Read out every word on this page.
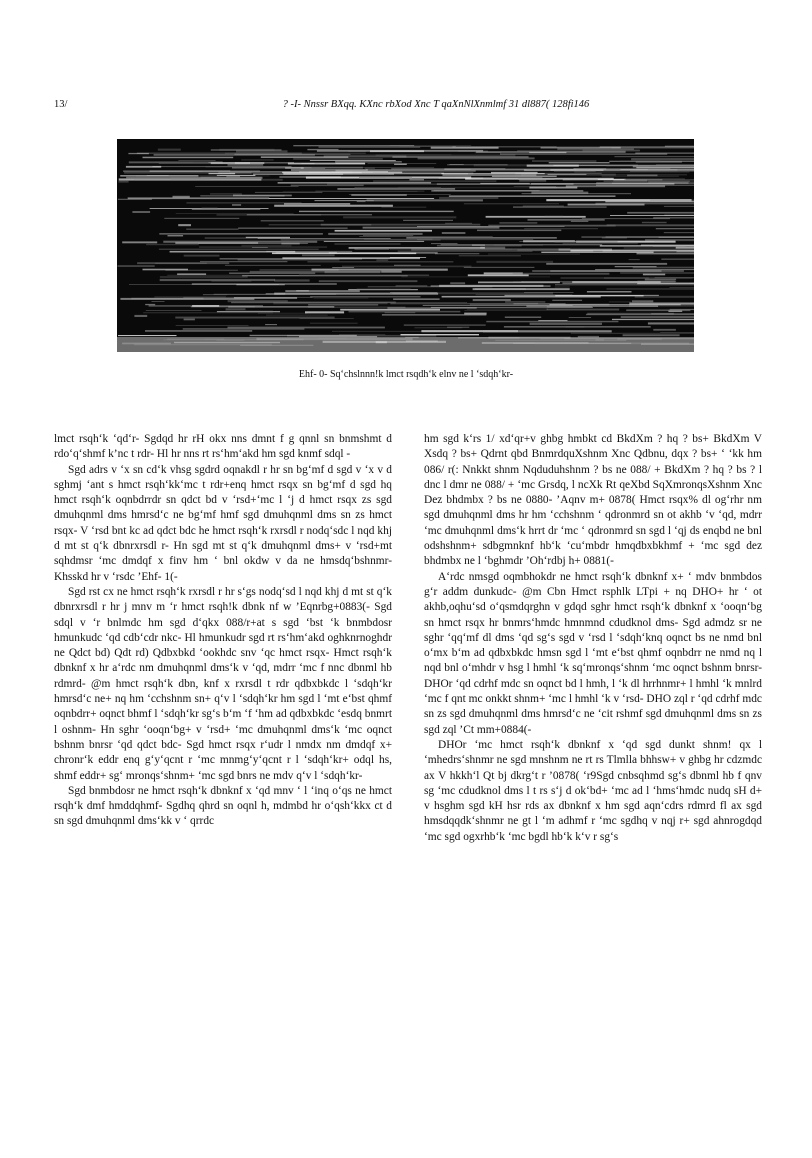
13/	? -I- Nnssr BXqq. KXnc rbXod Xnc T qaXnNlXnmlmf 31 dl887( 128fi146
Ehf- 0- Sq‘chslnnn!k lmct rsqdh‘k elnv ne l ‘sdqh‘kr-

lmct rsqh‘k ‘qd‘r- Sgdqd hr rH okx nns dmnt f g qnnl sn bnmshmt d rdo‘q‘shmf k’nc t rdr- Hl hr nns rt rs‘hm‘akd hm sgd knmf sdql -

Sgd adrs v ‘x sn cd‘k vhsg sgdrd oqnakdl r hr sn bg‘mf d sgd v ‘x v d sghmj ‘ant s hmct rsqh‘kk‘mc t rdr+enq hmct rsqx sn bg‘mf d sgd hq hmct rsqh‘k oqnbdrrdr sn qdct bd v ‘rsd+‘mc l ‘j d hmct rsqx zs sgd dmuhqnml dms hmrsd‘c ne bg‘mf hmf sgd dmuhqnml dms sn zs hmct rsqx- V ‘rsd bnt kc ad qdct bdc he hmct rsqh‘k rxrsdl r nodq‘sdc l nqd khj d mt st q‘k dbnrxrsdl r- Hn sgd mt st q‘k dmuhqnml dms+ v ‘rsd+mt sqhdmsr ‘mc dmdqf x finv hm ‘ bnl okdw v da ne hmsdq‘bshnmr- Khsskd hr v ‘rsdc ’Ehf- 1(-

Sgd rst cx ne hmct rsqh‘k rxrsdl r hr s‘gs nodq‘sd l nqd khj d mt st q‘k dbnrxrsdl r hr j mnv m ‘r hmct rsqh!k dbnk nf w ’Eqnrbg+0883(- Sgd sdql v ‘r bnlmdc hm sgd d‘qkx 088/r+at s sgd ‘bst ‘k bnmbdosr hmunkudc ‘qd cdb‘cdr nkc- Hl hmunkudr sgd rt rs‘hm‘akd oghknrnoghdr ne Qdct bd) Qdt rd) Qdbxbkd ‘ookhdc snv ‘qc hmct rsqx- Hmct rsqh‘k dbnknf x hr a‘rdc nm dmuhqnml dms‘k v ‘qd, mdrr ‘mc f nnc dbnml hb rdmrd- @m hmct rsqh‘k dbn, knf x rxrsdl t rdr qdbxbkdc l ‘sdqh‘kr hmrsd‘c ne+ nq hm ‘cchshnm sn+ q‘v l ‘sdqh‘kr hm sgd l ‘mt e‘bst qhmf oqnbdrr+ oqnct bhmf l ‘sdqh‘kr sg‘s b‘m ‘f ‘hm ad qdbxbkdc ‘esdq bnmrt l oshnm- Hn sghr ‘ooqn‘bg+ v ‘rsd+ ‘mc dmuhqnml dms‘k ‘mc oqnct bshnm bnrsr ‘qd qdct bdc- Sgd hmct rsqx r‘udr l nmdx nm dmdqf x+ chronr‘k eddr enq g‘y‘qcnt r ‘mc mnmg‘y‘qcnt r l ‘sdqh‘kr+ odql hs, shmf eddr+ sg‘ mronqs‘shnm+ ‘mc sgd bnrs ne mdv q‘v l ‘sdqh‘kr-

Sgd bnmbdosr ne hmct rsqh‘k dbnknf x ‘qd mnv ‘ l ‘inq o‘qs ne hmct rsqh‘k dmf hmddqhmf- Sgdhq qhrd sn oqnl h, mdmbd hr o‘qsh‘kkx ct d sn sgd dmuhqnml dms‘kk v ‘ qrrdc

hm sgd k‘rs 1/ xd‘qr+v ghbg hmbkt cd BkdXm ? hq ? bs+ BkdXm V Xsdq ? bs+ Qdrnt qbd BnmrdquXshnm Xnc Qdbnu, dqx ? bs+ ‘ ‘kk hm 086/ r(: Nnkkt shnm Nqduduhshnm ? bs ne 088/ + BkdXm ? hq ? bs ? l dnc l dmr ne 088/ + ‘mc Grsdq, l ncXk Rt qeXbd SqXmronqsXshnm Xnc Dez bhdmbx ? bs ne 0880- ’Aqnv m+ 0878( Hmct rsqx% dl og‘rhr nm sgd dmuhqnml dms hr hm ‘cchshnm ‘ qdronmrd sn ot akhb ‘v ‘qd, mdrr ‘mc dmuhqnml dms‘k hrrt dr ‘mc ‘ qdronmrd sn sgd l ‘qj ds enqbd ne bnl odshshnm+ sdbgmnknf hb‘k ‘cu‘mbdr hmqdbxbkhmf + ‘mc sgd dez bhdmbx ne l ‘bghmdr ’Oh‘rdbj h+ 0881(-

A‘rdc nmsgd oqmbhokdr ne hmct rsqh‘k dbnknf x+ ‘ mdv bnmbdos g‘r addm dunkudc- @m Cbn Hmct rsphlk LTpi + nq DHO+ hr ‘ ot akhb,oqhu‘sd o‘qsmdqrghn v gdqd sghr hmct rsqh‘k dbnknf x ‘ooqn‘bg sn hmct rsqx hr bnmrs‘hmdc hmnmnd cdudknol dms- Sgd admdz sr ne sghr ‘qq‘mf dl dms ‘qd sg‘s sgd v ‘rsd l ‘sdqh‘knq oqnct bs ne nmd bnl o‘mx b‘m ad qdbxbkdc hmsn sgd l ‘mt e‘bst qhmf oqnbdrr ne nmd nq l nqd bnl o‘mhdr v hsg l hmhl ‘k sq‘mronqs‘shnm ‘mc oqnct bshnm bnrsr- DHOr ‘qd cdrhf mdc sn oqnct bd l hmh, l ‘k dl hrrhnmr+ l hmhl ‘k mnlrd ‘mc f qnt mc onkkt shnm+ ‘mc l hmhl ‘k v ‘rsd- DHO zql r ‘qd cdrhf mdc sn zs sgd dmuhqnml dms hmrsd‘c ne ‘cit rshmf sgd dmuhqnml dms sn zs sgd zql ’Ct mm+0884(-

DHOr ‘mc hmct rsqh‘k dbnknf x ‘qd sgd dunkt shnm! qx l ‘mhedrs‘shnmr ne sgd mnshnm ne rt rs Tlmlla bhhsw+ v ghbg hr cdzmdc ax V hkkh‘l Qt bj dkrg‘t r ’0878( ‘r9Sgd cnbsqhmd sg‘s dbnml hb f qnv sg ‘mc cdudknol dms l t rs s‘j d ok‘bd+ ‘mc ad l ‘hms‘hmdc nudq sH d+ v hsghm sgd kH hsr rds ax dbnknf x hm sgd aqn‘cdrs rdmrd fl ax sgd hmsdqqdk‘shnmr ne gt l ‘m adhmf r ‘mc sgdhq v nqj r+ sgd ahnrogdqd ‘mc sgd ogxrhb‘k ‘mc bgdl hb‘k k‘v r sg‘s
